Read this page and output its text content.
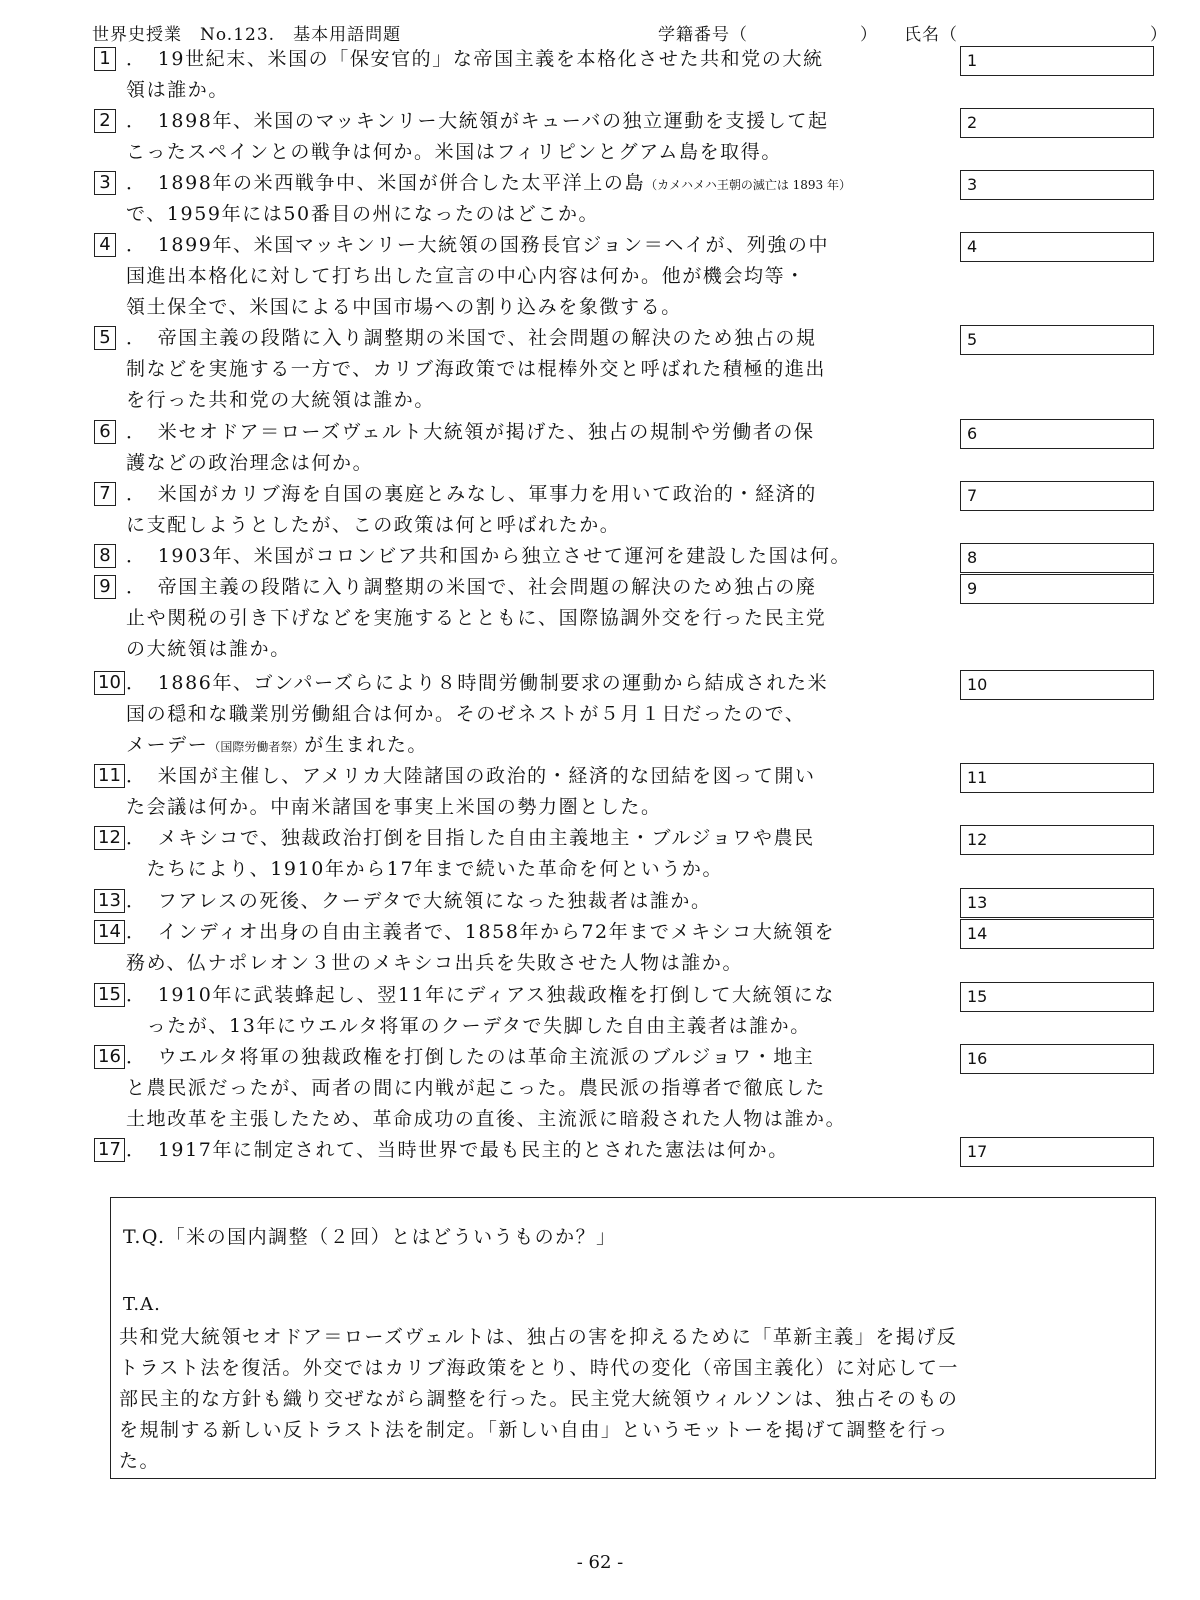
世界史授業　No.123.　基本用語問題	学籍番号（	） 氏名（	）
1 ．　19世紀末、米国の「保安官的」な帝国主義を本格化させた共和党の大統
領は誰か。
1
2 ．　1898年、米国のマッキンリー大統領がキューバの独立運動を支援して起
こったスペインとの戦争は何か。米国はフィリピンとグアム島を取得。
2
3 ．　1898年の米西戦争中、米国が併合した太平洋上の島（カメハメハ王朝の滅亡は 1893 年）
で、1959年には50番目の州になったのはどこか。
3
4 ．　1899年、米国マッキンリー大統領の国務長官ジョン＝ヘイが、列強の中
国進出本格化に対して打ち出した宣言の中心内容は何か。他が機会均等・
領土保全で、米国による中国市場への割り込みを象徴する。
4
5 ．　帝国主義の段階に入り調整期の米国で、社会問題の解決のため独占の規
制などを実施する一方で、カリブ海政策では棍棒外交と呼ばれた積極的進出
を行った共和党の大統領は誰か。
5
6 ．　米セオドア＝ローズヴェルト大統領が掲げた、独占の規制や労働者の保
護などの政治理念は何か。
6
7 ．　米国がカリブ海を自国の裏庭とみなし、軍事力を用いて政治的・経済的
に支配しようとしたが、この政策は何と呼ばれたか。
7
8 ．　1903年、米国がコロンビア共和国から独立させて運河を建設した国は何。	8
9 ．　帝国主義の段階に入り調整期の米国で、社会問題の解決のため独占の廃
止や関税の引き下げなどを実施するとともに、国際協調外交を行った民主党
の大統領は誰か。
9
10 ．　1886年、ゴンパーズらにより８時間労働制要求の運動から結成された米
国の穏和な職業別労働組合は何か。そのゼネストが５月１日だったので、
メーデー（国際労働者祭）が生まれた。
10
11 ．　米国が主催し、アメリカ大陸諸国の政治的・経済的な団結を図って開い
た会議は何か。中南米諸国を事実上米国の勢力圏とした。
11
12 ．　メキシコで、独裁政治打倒を目指した自由主義地主・ブルジョワや農民
　たちにより、1910年から17年まで続いた革命を何というか。
12
13 ．　フアレスの死後、クーデタで大統領になった独裁者は誰か。	13
14 ．　インディオ出身の自由主義者で、1858年から72年までメキシコ大統領を
務め、仏ナポレオン３世のメキシコ出兵を失敗させた人物は誰か。
14
15 ．　1910年に武装蜂起し、翌11年にディアス独裁政権を打倒して大統領にな
　ったが、13年にウエルタ将軍のクーデタで失脚した自由主義者は誰か。
15
16 ．　ウエルタ将軍の独裁政権を打倒したのは革命主流派のブルジョワ・地主
と農民派だったが、両者の間に内戦が起こった。農民派の指導者で徹底した
土地改革を主張したため、革命成功の直後、主流派に暗殺された人物は誰か。
16
17 ．　1917年に制定されて、当時世界で最も民主的とされた憲法は何か。	17
T.Q.「米の国内調整（２回）とはどういうものか？」
T.A.
共和党大統領セオドア＝ローズヴェルトは、独占の害を抑えるために「革新主義」を掲げ反
トラスト法を復活。外交ではカリブ海政策をとり、時代の変化（帝国主義化）に対応して一
部民主的な方針も織り交ぜながら調整を行った。民主党大統領ウィルソンは、独占そのもの
を規制する新しい反トラスト法を制定。「新しい自由」というモットーを掲げて調整を行っ
た。
- 62 -
